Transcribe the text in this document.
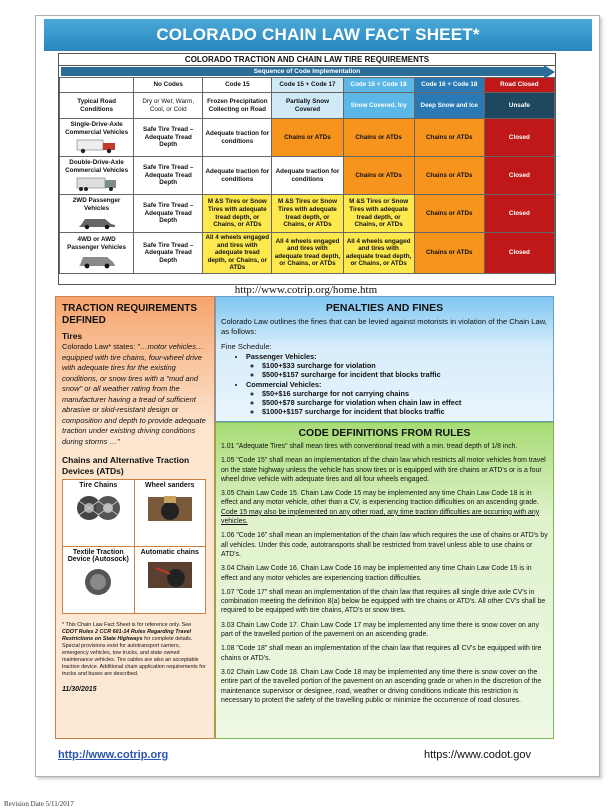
COLORADO CHAIN LAW FACT SHEET*
COLORADO TRACTION AND CHAIN LAW TIRE REQUIREMENTS
Sequence of Code Implementation
	No Codes	Code 15	Code 15 + Code 17	Code 15 + Code 18	Code 16 + Code 18	Road Closed
Typical Road Conditions	Dry or Wet; Warm, Cool, or Cold	Frozen Precipitation Collecting on Road	Partially Snow Covered	Snow Covered, Icy	Deep Snow and Ice	Unsafe
Single-Drive-Axle Commercial Vehicles	Safe Tire Tread – Adequate Tread Depth	Adequate traction for conditions	Chains or ATDs	Chains or ATDs	Chains or ATDs	Closed
Double-Drive-Axle Commercial Vehicles	Safe Tire Tread – Adequate Tread Depth	Adequate traction for conditions	Adequate traction for conditions	Chains or ATDs	Chains or ATDs	Closed
2WD Passenger Vehicles	Safe Tire Tread – Adequate Tread Depth	M &S Tires or Snow Tires with adequate tread depth, or Chains, or ATDs	M &S Tires or Snow Tires with adequate tread depth, or Chains, or ATDs	M &S Tires or Snow Tires with adequate tread depth, or Chains, or ATDs	Chains or ATDs	Closed
4WD or AWD Passenger Vehicles	Safe Tire Tread – Adequate Tread Depth	All 4 wheels engaged and tires with adequate tread depth, or Chains, or ATDs	All 4 wheels engaged and tires with adequate tread depth, or Chains, or ATDs	All 4 wheels engaged and tires with adequate tread depth, or Chains, or ATDs	Chains or ATDs	Closed
http://www.cotrip.org/home.htm
TRACTION REQUIREMENTS DEFINED
Tires
Colorado Law* states: "…motor vehicles…equipped with tire chains, four-wheel drive with adequate tires for the existing conditions, or snow tires with a "mud and snow" or all weather rating from the manufacturer having a tread of sufficient abrasive or skid-resistant design or composition and depth to provide adequate traction under existing driving conditions during storms …"
Chains and Alternative Traction Devices (ATDs)
Tire Chains	Wheel sanders

Textile Traction Device (Autosock)	Automatic chains
* This Chain Law Fact Sheet is for reference only. See CDOT Rules 2 CCR 601-14 Rules Regarding Travel Restrictions on State Highways for complete details. Special provisions exist for autotransport carriers, emergency vehicles, tow trucks, and state owned maintenance vehicles. Tire cables are also an acceptable traction device. Additional chain application requirements for trucks and buses are described.
11/30/2015
PENALTIES AND FINES

Colorado Law outlines the fines that can be levied against motorists in violation of the Chain Law, as follows:

Fine Schedule:

• Passenger Vehicles:
◦ $100+$33 surcharge for violation
◦ $500+$157 surcharge for incident that blocks traffic
• Commercial Vehicles:
◦ $50+$16 surcharge for not carrying chains
◦ $500+$78 surcharge for violation when chain law in effect
◦ $1000+$157 surcharge for incident that blocks traffic
CODE DEFINITIONS FROM RULES

1.01 "Adequate Tires" shall mean tires with conventional tread with a min. tread depth of 1/8 inch.

1.05 "Code 15" shall mean an implementation of the chain law which restricts all motor vehicles from travel on the state highway unless the vehicle has snow tires or is equipped with tire chains or ATD's or is a four wheel drive vehicle with adequate tires and all four wheels engaged.

3.05 Chain Law Code 15. Chain Law Code 15 may be implemented any time Chain Law Code 18 is in effect and any motor vehicle, other than a CV, is experiencing traction difficulties on an ascending grade. Code 15 may also be implemented on any other road, any time traction difficulties are occurring with any vehicles.

1.06 "Code 16" shall mean an implementation of the chain law which requires the use of chains or ATD's by all vehicles. Under this code, autotransports shall be restricted from travel unless able to use chains or ATD's.

3.04 Chain Law Code 16. Chain Law Code 16 may be implemented any time Chain Law Code 15 is in effect and any motor vehicles are experiencing traction difficulties.

1.07 "Code 17" shall mean an implementation of the chain law that requires all single drive axle CV's in combination meeting the definition 8(a) below be equipped with tire chains or ATD's. All other CV's shall be required to be equipped with tire chains, ATD's or snow tires.

3.03 Chain Law Code 17. Chain Law Code 17 may be implemented any time there is snow cover on any part of the travelled portion of the pavement on an ascending grade.

1.08 "Code 18" shall mean an implementation of the chain law that requires all CV's be equipped with tire chains or ATD's.

3.02 Chain Law Code 18. Chain Law Code 18 may be implemented any time there is snow cover on the entire part of the travelled portion of the pavement on an ascending grade or when in the discretion of the maintenance supervisor or designee, road, weather or driving conditions indicate this restriction is necessary to protect the safety of the travelling public or minimize the occurrence of road closures.

http://www.cotrip.org	https://www.codot.gov
Revision Date 5/11/2017
